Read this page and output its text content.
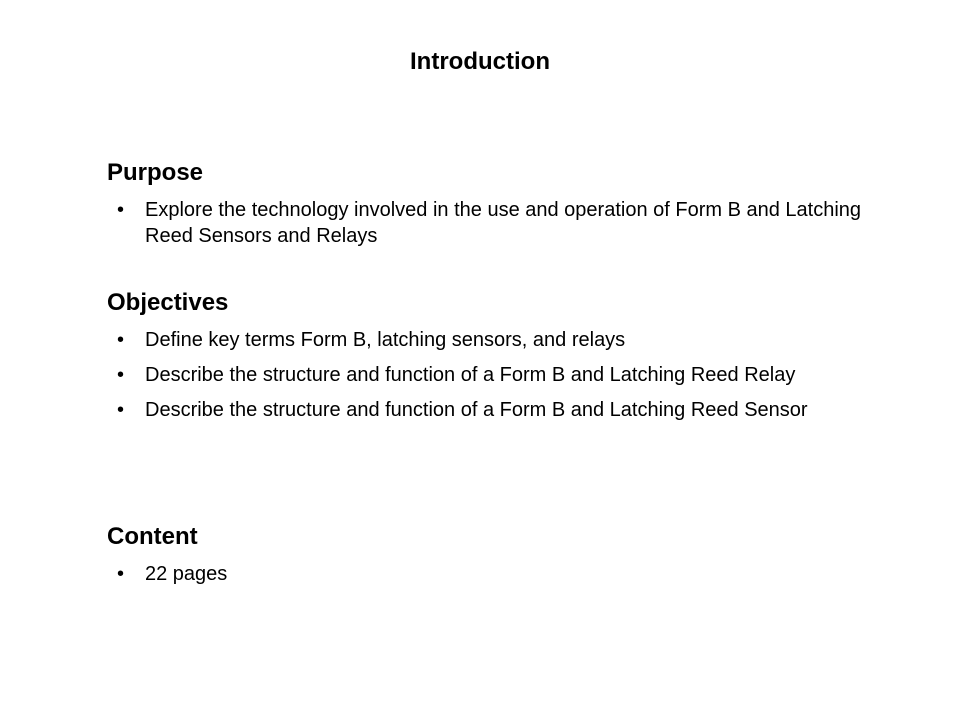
Introduction
Purpose
• Explore the technology involved in the use and operation of Form B and Latching Reed Sensors and Relays
Objectives
• Define key terms Form B, latching sensors, and relays
• Describe the structure and function of a Form B and Latching Reed Relay
• Describe the structure and function of a Form B and Latching Reed Sensor
Content
• 22 pages
